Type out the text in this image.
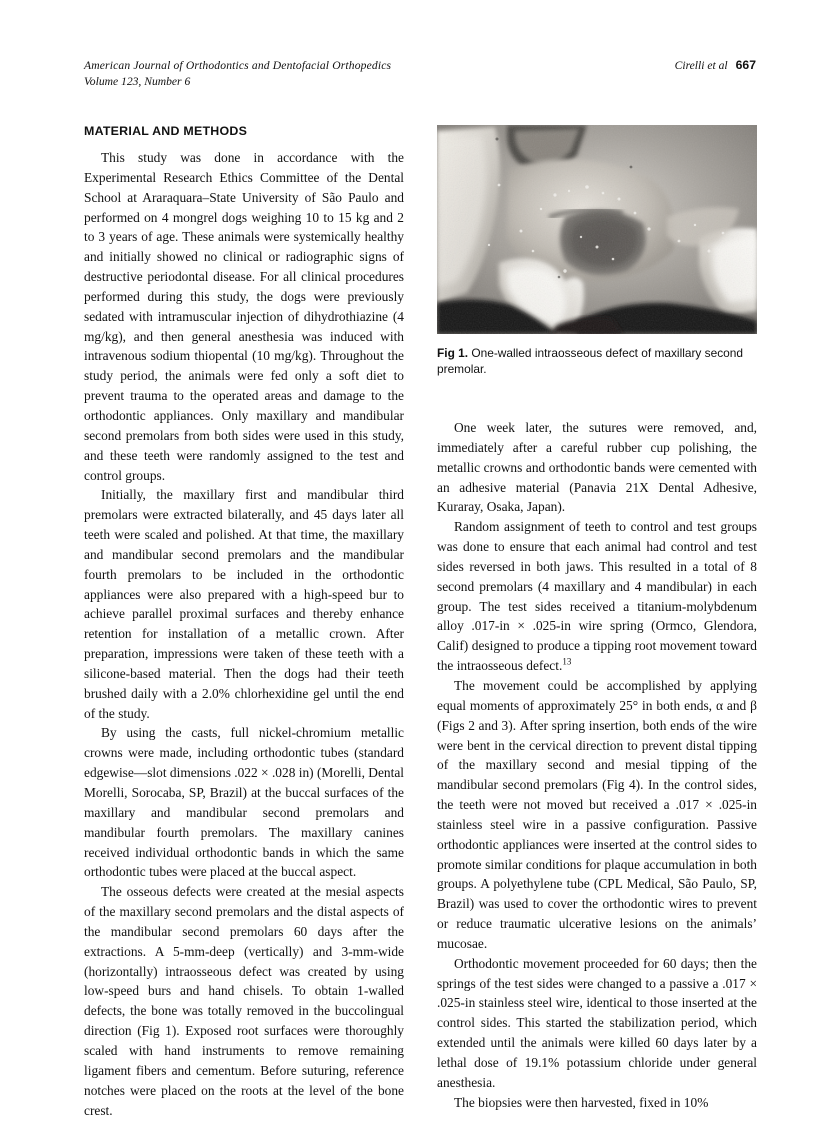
American Journal of Orthodontics and Dentofacial Orthopedics
Volume 123, Number 6
Cirelli et al 667
MATERIAL AND METHODS

This study was done in accordance with the Experimental Research Ethics Committee of the Dental School at Araraquara–State University of São Paulo and performed on 4 mongrel dogs weighing 10 to 15 kg and 2 to 3 years of age. These animals were systemically healthy and initially showed no clinical or radiographic signs of destructive periodontal disease. For all clinical procedures performed during this study, the dogs were previously sedated with intramuscular injection of dihydrothiazine (4 mg/kg), and then general anesthesia was induced with intravenous sodium thiopental (10 mg/kg). Throughout the study period, the animals were fed only a soft diet to prevent trauma to the operated areas and damage to the orthodontic appliances. Only maxillary and mandibular second premolars from both sides were used in this study, and these teeth were randomly assigned to the test and control groups.

Initially, the maxillary first and mandibular third premolars were extracted bilaterally, and 45 days later all teeth were scaled and polished. At that time, the maxillary and mandibular second premolars and the mandibular fourth premolars to be included in the orthodontic appliances were also prepared with a high-speed bur to achieve parallel proximal surfaces and thereby enhance retention for installation of a metallic crown. After preparation, impressions were taken of these teeth with a silicone-based material. Then the dogs had their teeth brushed daily with a 2.0% chlorhexidine gel until the end of the study.

By using the casts, full nickel-chromium metallic crowns were made, including orthodontic tubes (standard edgewise—slot dimensions .022 × .028 in) (Morelli, Dental Morelli, Sorocaba, SP, Brazil) at the buccal surfaces of the maxillary and mandibular second premolars and mandibular fourth premolars. The maxillary canines received individual orthodontic bands in which the same orthodontic tubes were placed at the buccal aspect.

The osseous defects were created at the mesial aspects of the maxillary second premolars and the distal aspects of the mandibular second premolars 60 days after the extractions. A 5-mm-deep (vertically) and 3-mm-wide (horizontally) intraosseous defect was created by using low-speed burs and hand chisels. To obtain 1-walled defects, the bone was totally removed in the buccolingual direction (Fig 1). Exposed root surfaces were thoroughly scaled with hand instruments to remove remaining ligament fibers and cementum. Before suturing, reference notches were placed on the roots at the level of the bone crest.

Fig 1. One-walled intraosseous defect of maxillary second premolar.

One week later, the sutures were removed, and, immediately after a careful rubber cup polishing, the metallic crowns and orthodontic bands were cemented with an adhesive material (Panavia 21X Dental Adhesive, Kuraray, Osaka, Japan).

Random assignment of teeth to control and test groups was done to ensure that each animal had control and test sides reversed in both jaws. This resulted in a total of 8 second premolars (4 maxillary and 4 mandibular) in each group. The test sides received a titanium-molybdenum alloy .017-in × .025-in wire spring (Ormco, Glendora, Calif) designed to produce a tipping root movement toward the intraosseous defect.$^{13}$

The movement could be accomplished by applying equal moments of approximately 25° in both ends, α and β (Figs 2 and 3). After spring insertion, both ends of the wire were bent in the cervical direction to prevent distal tipping of the maxillary second and mesial tipping of the mandibular second premolars (Fig 4). In the control sides, the teeth were not moved but received a .017 × .025-in stainless steel wire in a passive configuration. Passive orthodontic appliances were inserted at the control sides to promote similar conditions for plaque accumulation in both groups. A polyethylene tube (CPL Medical, São Paulo, SP, Brazil) was used to cover the orthodontic wires to prevent or reduce traumatic ulcerative lesions on the animals’ mucosae.

Orthodontic movement proceeded for 60 days; then the springs of the test sides were changed to a passive a .017 × .025-in stainless steel wire, identical to those inserted at the control sides. This started the stabilization period, which extended until the animals were killed 60 days later by a lethal dose of 19.1% potassium chloride under general anesthesia.

The biopsies were then harvested, fixed in 10%
